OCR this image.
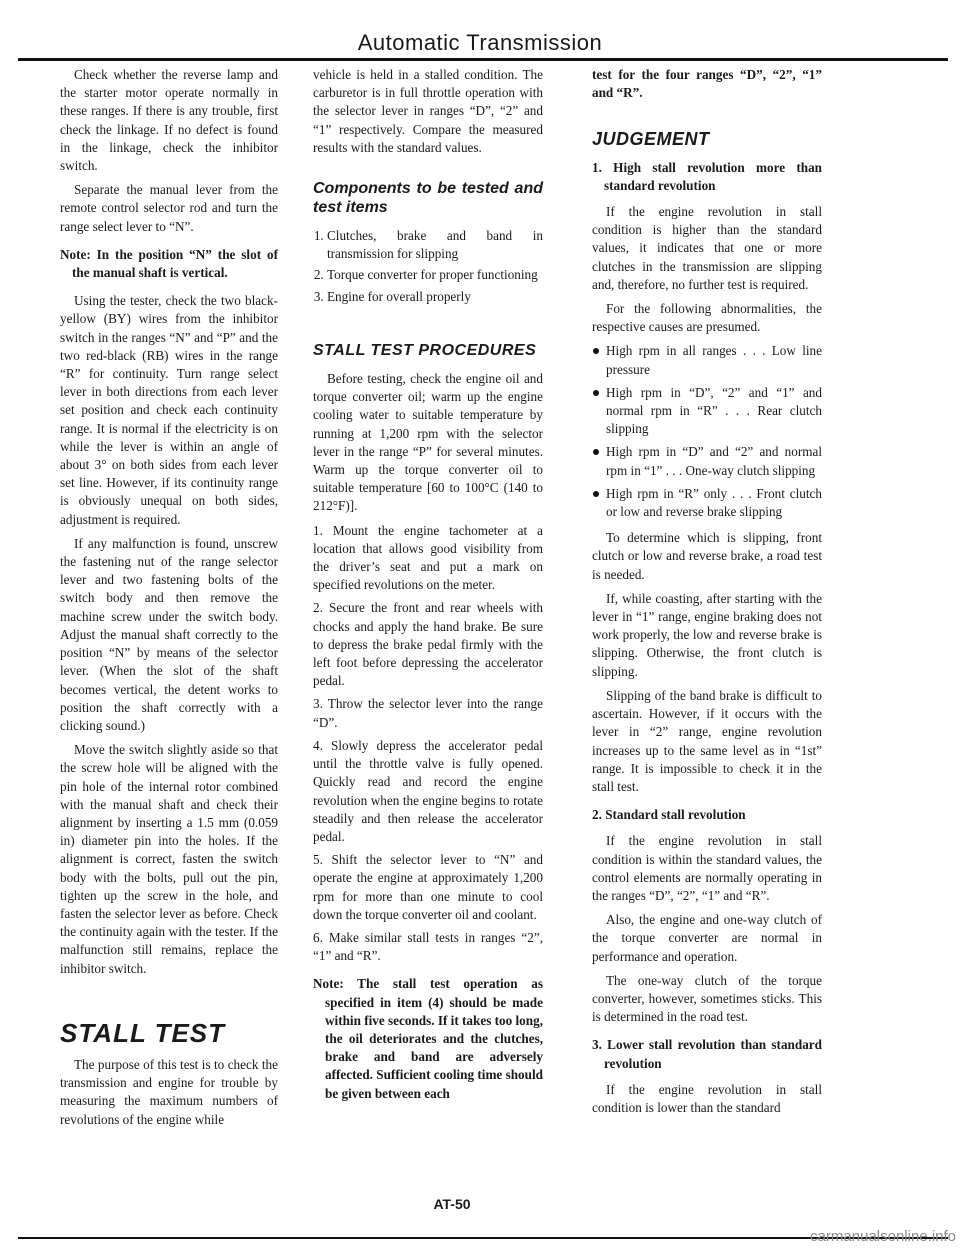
Automatic Transmission

Check whether the reverse lamp and the starter motor operate normally in these ranges. If there is any trouble, first check the linkage. If no defect is found in the linkage, check the inhibitor switch.

Separate the manual lever from the remote control selector rod and turn the range select lever to “N”.

Note: In the position “N” the slot of the manual shaft is vertical.

Using the tester, check the two black-yellow (BY) wires from the inhibitor switch in the ranges “N” and “P” and the two red-black (RB) wires in the range “R” for continuity. Turn range select lever in both directions from each lever set position and check each continuity range. It is normal if the electricity is on while the lever is within an angle of about 3° on both sides from each lever set line. However, if its continuity range is obviously unequal on both sides, adjustment is required.

If any malfunction is found, unscrew the fastening nut of the range selector lever and two fastening bolts of the switch body and then remove the machine screw under the switch body. Adjust the manual shaft correctly to the position “N” by means of the selector lever. (When the slot of the shaft becomes vertical, the detent works to position the shaft correctly with a clicking sound.)

Move the switch slightly aside so that the screw hole will be aligned with the pin hole of the internal rotor combined with the manual shaft and check their alignment by inserting a 1.5 mm (0.059 in) diameter pin into the holes. If the alignment is correct, fasten the switch body with the bolts, pull out the pin, tighten up the screw in the hole, and fasten the selector lever as before. Check the continuity again with the tester. If the malfunction still remains, replace the inhibitor switch.

STALL TEST

The purpose of this test is to check the transmission and engine for trouble by measuring the maximum numbers of revolutions of the engine while

vehicle is held in a stalled condition. The carburetor is in full throttle operation with the selector lever in ranges “D”, “2” and “1” respectively. Compare the measured results with the standard values.

Components to be tested and test items
1. Clutches, brake and band in transmission for slipping
2. Torque converter for proper functioning
3. Engine for overall properly
STALL TEST PROCEDURES

Before testing, check the engine oil and torque converter oil; warm up the engine cooling water to suitable temperature by running at 1,200 rpm with the selector lever in the range “P” for several minutes. Warm up the torque converter oil to suitable temperature [60 to 100°C (140 to 212°F)].

1. Mount the engine tachometer at a location that allows good visibility from the driver’s seat and put a mark on specified revolutions on the meter.

2. Secure the front and rear wheels with chocks and apply the hand brake. Be sure to depress the brake pedal firmly with the left foot before depressing the accelerator pedal.

3. Throw the selector lever into the range “D”.

4. Slowly depress the accelerator pedal until the throttle valve is fully opened. Quickly read and record the engine revolution when the engine begins to rotate steadily and then release the accelerator pedal.

5. Shift the selector lever to “N” and operate the engine at approximately 1,200 rpm for more than one minute to cool down the torque converter oil and coolant.

6. Make similar stall tests in ranges “2”, “1” and “R”.

Note: The stall test operation as specified in item (4) should be made within five seconds. If it takes too long, the oil deteriorates and the clutches, brake and band are adversely affected. Sufficient cooling time should be given between each

test for the four ranges “D”, “2”, “1” and “R”.

JUDGEMENT

1. High stall revolution more than standard revolution

If the engine revolution in stall condition is higher than the standard values, it indicates that one or more clutches in the transmission are slipping and, therefore, no further test is required.

For the following abnormalities, the respective causes are presumed.

High rpm in all ranges . . . Low line pressure
High rpm in “D”, “2” and “1” and normal rpm in “R” . . . Rear clutch slipping
High rpm in “D” and “2” and normal rpm in “1” . . . One-way clutch slipping
High rpm in “R” only . . . Front clutch or low and reverse brake slipping

To determine which is slipping, front clutch or low and reverse brake, a road test is needed.

If, while coasting, after starting with the lever in “1” range, engine braking does not work properly, the low and reverse brake is slipping. Otherwise, the front clutch is slipping.

Slipping of the band brake is difficult to ascertain. However, if it occurs with the lever in “2” range, engine revolution increases up to the same level as in “1st” range. It is impossible to check it in the stall test.

2. Standard stall revolution

If the engine revolution in stall condition is within the standard values, the control elements are normally operating in the ranges “D”, “2”, “1” and “R”.

Also, the engine and one-way clutch of the torque converter are normal in performance and operation.

The one-way clutch of the torque converter, however, sometimes sticks. This is determined in the road test.

3. Lower stall revolution than standard revolution

If the engine revolution in stall condition is lower than the standard

AT-50
carmanualsonline.info
